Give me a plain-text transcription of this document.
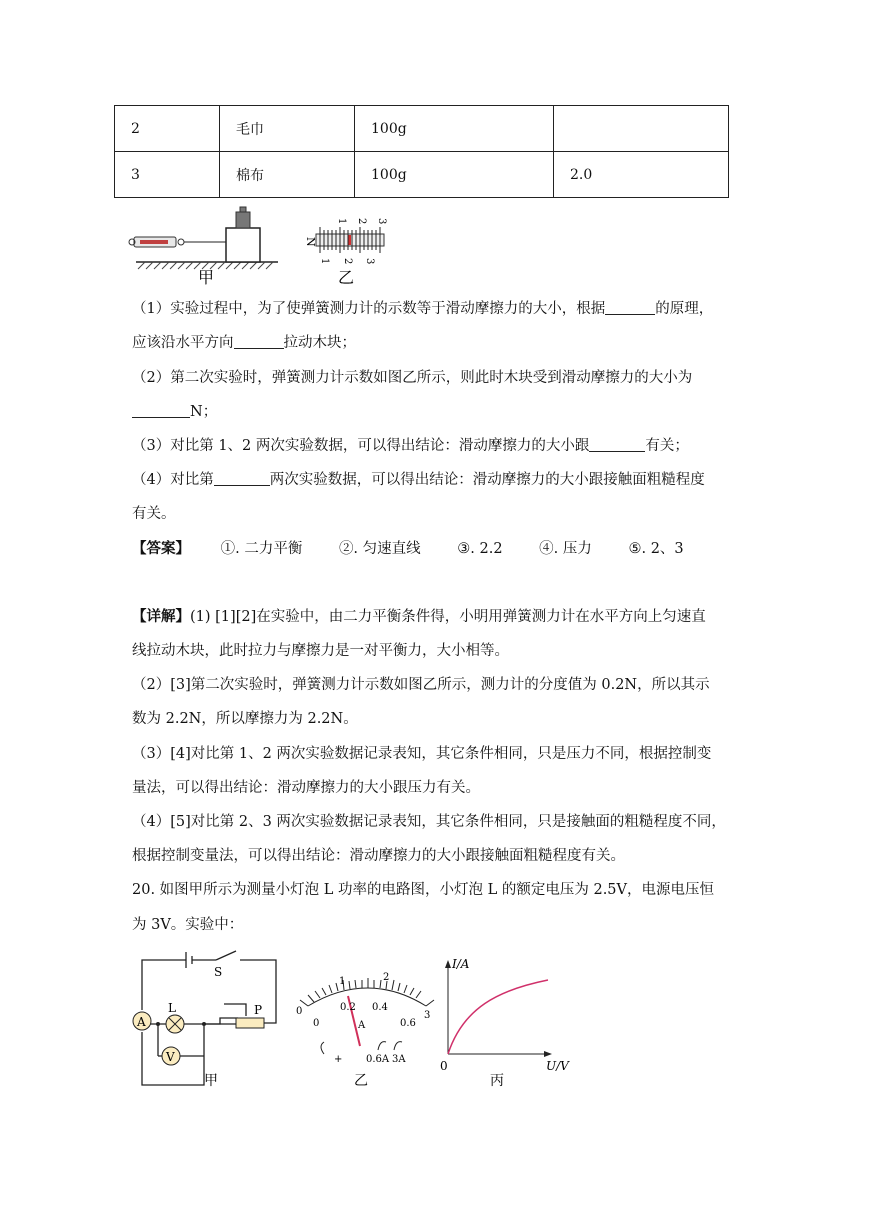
2	毛巾	100g	
3	棉布	100g	2.0
甲
N
1 2 3
1 2 3
乙
（1）实验过程中，为了使弹簧测力计的示数等于滑动摩擦力的大小，根据	的原理，
应该沿水平方向	拉动木块；
（2）第二次实验时，弹簧测力计示数如图乙所示，则此时木块受到滑动摩擦力的大小为
N；
（3）对比第 1、2 两次实验数据，可以得出结论：滑动摩擦力的大小跟	有关；
（4）对比第	两次实验数据，可以得出结论：滑动摩擦力的大小跟接触面粗糙程度
有关。
【答案】 ①. 二力平衡	②. 匀速直线	③. 2.2	④. 压力	⑤. 2、3
【详解】(1) [1][2]在实验中，由二力平衡条件得，小明用弹簧测力计在水平方向上匀速直
线拉动木块，此时拉力与摩擦力是一对平衡力，大小相等。
（2）[3]第二次实验时，弹簧测力计示数如图乙所示，测力计的分度值为 0.2N，所以其示
数为 2.2N，所以摩擦力为 2.2N。
（3）[4]对比第 1、2 两次实验数据记录表知，其它条件相同，只是压力不同，根据控制变
量法，可以得出结论：滑动摩擦力的大小跟压力有关。
（4）[5]对比第 2、3 两次实验数据记录表知，其它条件相同，只是接触面的粗糙程度不同，
根据控制变量法，可以得出结论：滑动摩擦力的大小跟接触面粗糙程度有关。
20. 如图甲所示为测量小灯泡 L 功率的电路图，小灯泡 L 的额定电压为 2.5V，电源电压恒
为 3V。实验中：
A
L
V
P
S
甲
0
1	2
3
0
0.2 0.4
0.6
A
+ 0.6A 3A
乙
I/A
U/V
0
丙
